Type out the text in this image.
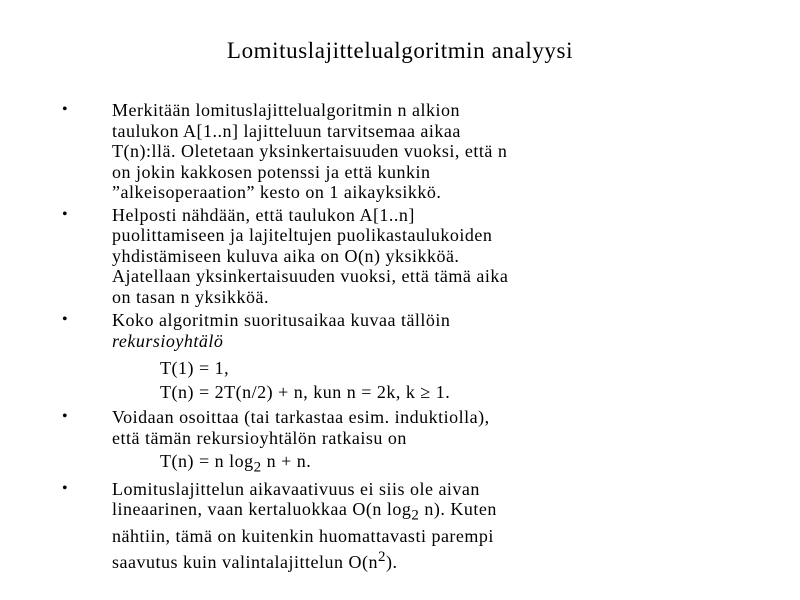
Lomituslajittelualgoritmin analyysi
•	Merkitään lomituslajittelualgoritmin n alkion
taulukon A[1..n] lajitteluun tarvitsemaa aikaa
T(n):llä. Oletetaan yksinkertaisuuden vuoksi, että n
on jokin kakkosen potenssi ja että kunkin
”alkeisoperaation” kesto on 1 aikayksikkö.
•	Helposti nähdään, että taulukon A[1..n]
puolittamiseen ja lajiteltujen puolikastaulukoiden
yhdistämiseen kuluva aika on O(n) yksikköä.
Ajatellaan yksinkertaisuuden vuoksi, että tämä aika
on tasan n yksikköä.
•	Koko algoritmin suoritusaikaa kuvaa tällöin
rekursioyhtälö
T(1) = 1,
T(n) = 2T(n/2) + n, kun n = 2k, k ≥ 1.
•	Voidaan osoittaa (tai tarkastaa esim. induktiolla),
että tämän rekursioyhtälön ratkaisu on
T(n) = n $\log_2 n + n$.
•	Lomituslajittelun aikavaativuus ei siis ole aivan
lineaarinen, vaan kertaluokkaa O(n $\log_2 n$). Kuten
nähtiin, tämä on kuitenkin huomattavasti parempi
saavutus kuin valintalajittelun $O(n^2)$.
